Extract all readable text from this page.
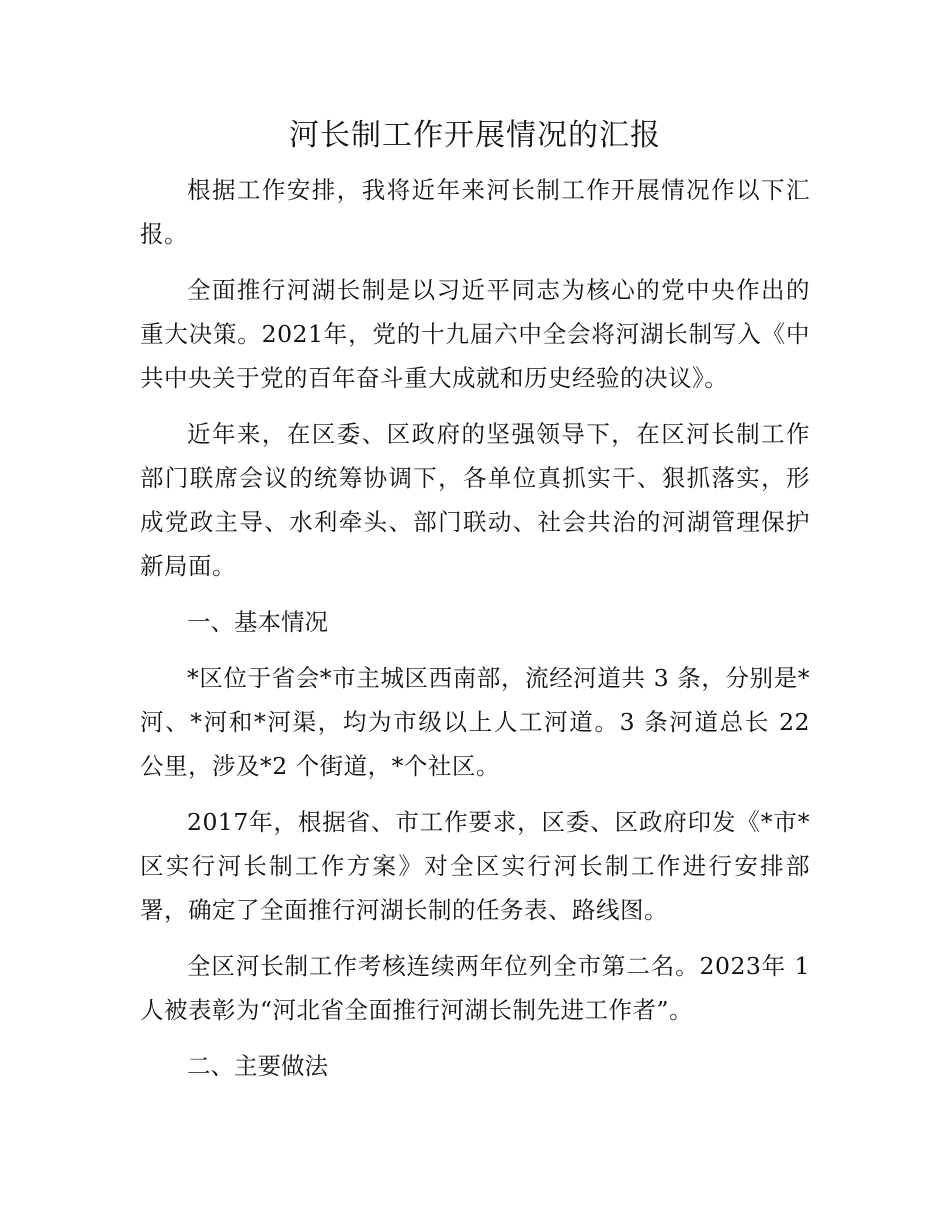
河长制工作开展情况的汇报

根据工作安排，我将近年来河长制工作开展情况作以下汇报。

全面推行河湖长制是以习近平同志为核心的党中央作出的重大决策。2021年，党的十九届六中全会将河湖长制写入《中共中央关于党的百年奋斗重大成就和历史经验的决议》。

近年来，在区委、区政府的坚强领导下，在区河长制工作部门联席会议的统筹协调下，各单位真抓实干、狠抓落实，形成党政主导、水利牵头、部门联动、社会共治的河湖管理保护新局面。

一、基本情况

*区位于省会*市主城区西南部，流经河道共 3 条，分别是*河、*河和*河渠，均为市级以上人工河道。3 条河道总长 22 公里，涉及*2 个街道，*个社区。

2017年，根据省、市工作要求，区委、区政府印发《*市*区实行河长制工作方案》对全区实行河长制工作进行安排部署，确定了全面推行河湖长制的任务表、路线图。

全区河长制工作考核连续两年位列全市第二名。2023年 1 人被表彰为“河北省全面推行河湖长制先进工作者”。

二、主要做法
